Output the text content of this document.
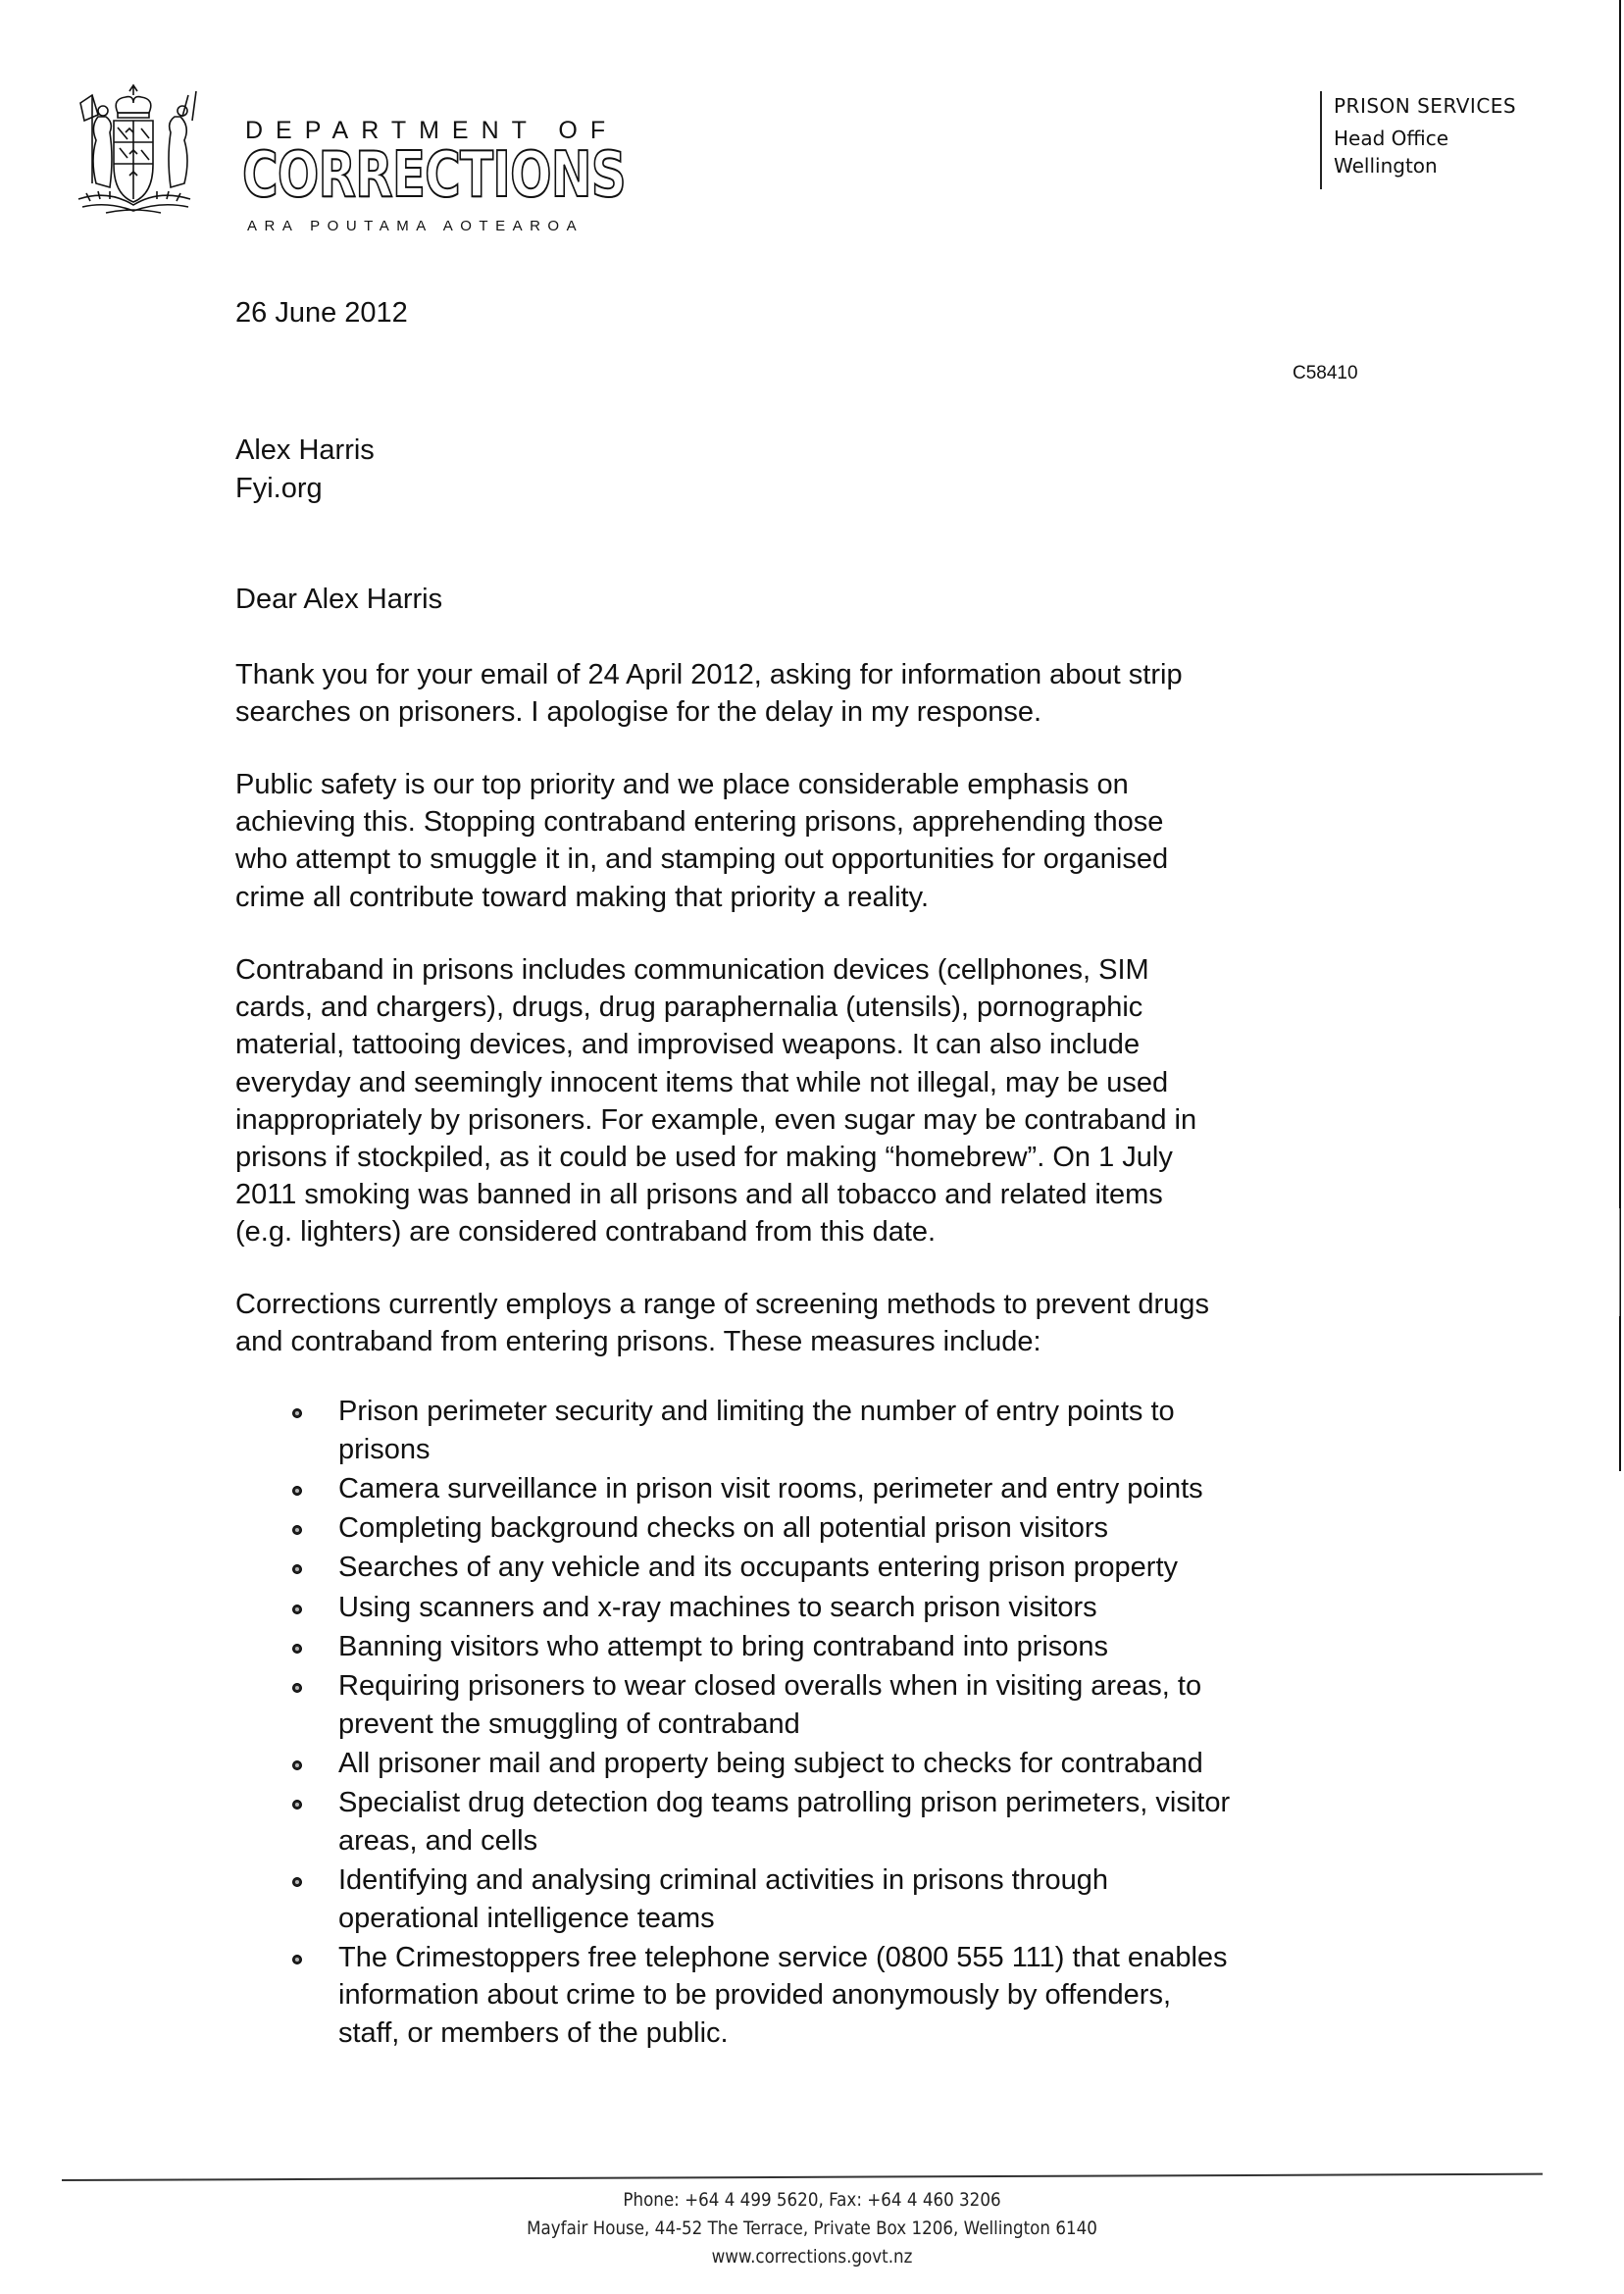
DEPARTMENT OF
CORRECTIONS
ARA POUTAMA AOTEAROA
PRISON SERVICES
Head Office
Wellington
26 June 2012
C58410
Alex Harris
Fyi.org
Dear Alex Harris
Thank you for your email of 24 April 2012, asking for information about strip
searches on prisoners. I apologise for the delay in my response.
Public safety is our top priority and we place considerable emphasis on
achieving this. Stopping contraband entering prisons, apprehending those
who attempt to smuggle it in, and stamping out opportunities for organised
crime all contribute toward making that priority a reality.
Contraband in prisons includes communication devices (cellphones, SIM
cards, and chargers), drugs, drug paraphernalia (utensils), pornographic
material, tattooing devices, and improvised weapons. It can also include
everyday and seemingly innocent items that while not illegal, may be used
inappropriately by prisoners. For example, even sugar may be contraband in
prisons if stockpiled, as it could be used for making “homebrew”. On 1 July
2011 smoking was banned in all prisons and all tobacco and related items
(e.g. lighters) are considered contraband from this date.
Corrections currently employs a range of screening methods to prevent drugs
and contraband from entering prisons. These measures include:
Prison perimeter security and limiting the number of entry points to
prisons
Camera surveillance in prison visit rooms, perimeter and entry points
Completing background checks on all potential prison visitors
Searches of any vehicle and its occupants entering prison property
Using scanners and x-ray machines to search prison visitors
Banning visitors who attempt to bring contraband into prisons
Requiring prisoners to wear closed overalls when in visiting areas, to
prevent the smuggling of contraband
All prisoner mail and property being subject to checks for contraband
Specialist drug detection dog teams patrolling prison perimeters, visitor
areas, and cells
Identifying and analysing criminal activities in prisons through
operational intelligence teams
The Crimestoppers free telephone service (0800 555 111) that enables
information about crime to be provided anonymously by offenders,
staff, or members of the public.
Phone: +64 4 499 5620, Fax: +64 4 460 3206
Mayfair House, 44-52 The Terrace, Private Box 1206, Wellington 6140
www.corrections.govt.nz
